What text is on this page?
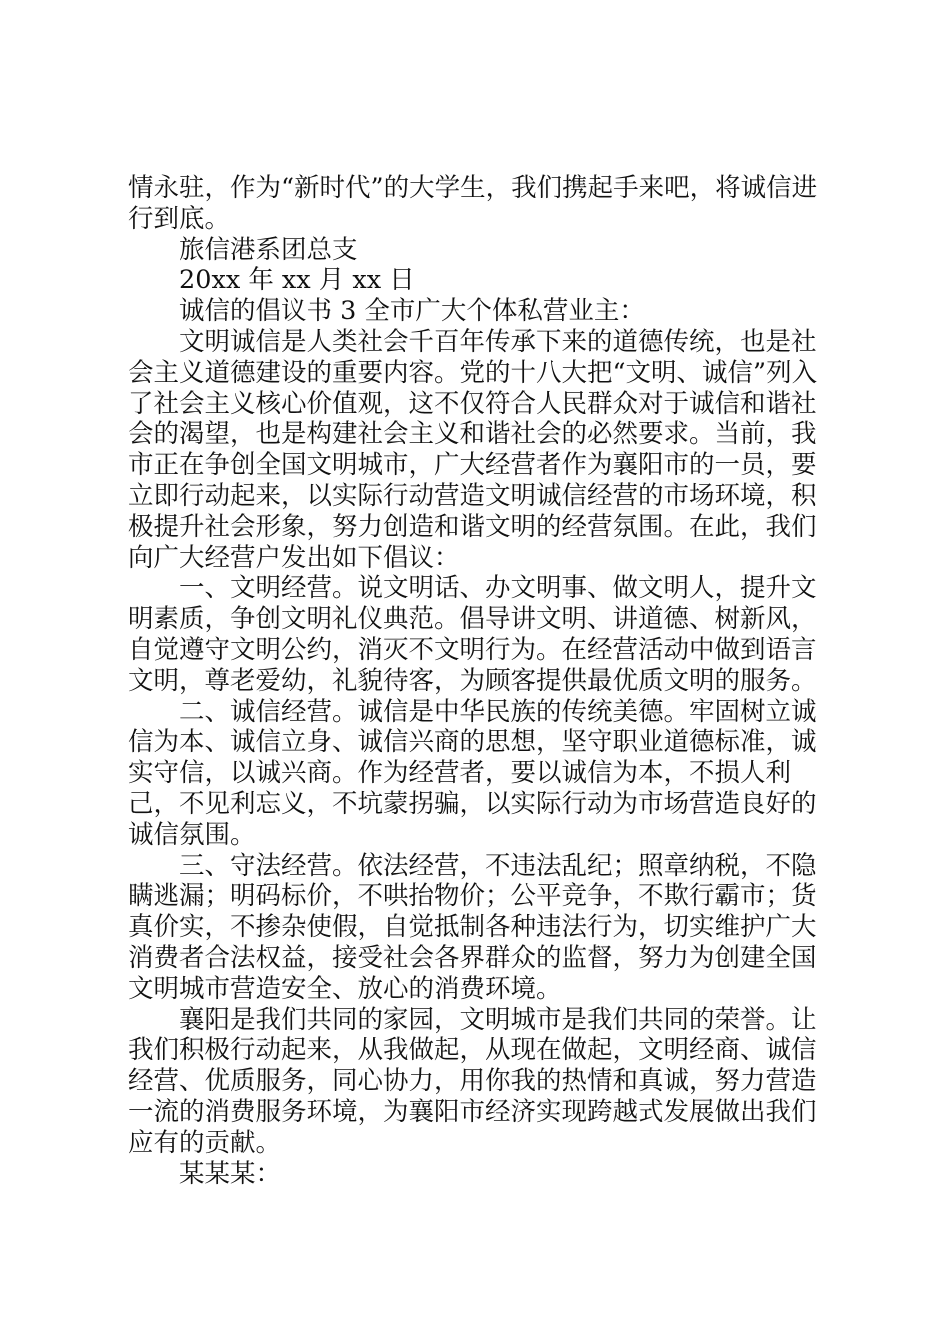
情永驻，作为“新时代”的大学生，我们携起手来吧，将诚信进行到底。

旅信港系团总支

20xx 年 xx 月 xx 日

诚信的倡议书 3 全市广大个体私营业主：

文明诚信是人类社会千百年传承下来的道德传统，也是社会主义道德建设的重要内容。党的十八大把“文明、诚信”列入了社会主义核心价值观，这不仅符合人民群众对于诚信和谐社会的渴望，也是构建社会主义和谐社会的必然要求。当前，我市正在争创全国文明城市，广大经营者作为襄阳市的一员，要立即行动起来，以实际行动营造文明诚信经营的市场环境，积极提升社会形象，努力创造和谐文明的经营氛围。在此，我们向广大经营户发出如下倡议：

一、文明经营。说文明话、办文明事、做文明人，提升文明素质，争创文明礼仪典范。倡导讲文明、讲道德、树新风，自觉遵守文明公约，消灭不文明行为。在经营活动中做到语言文明，尊老爱幼，礼貌待客，为顾客提供最优质文明的服务。

二、诚信经营。诚信是中华民族的传统美德。牢固树立诚信为本、诚信立身、诚信兴商的思想，坚守职业道德标准，诚实守信，以诚兴商。作为经营者，要以诚信为本，不损人利己，不见利忘义，不坑蒙拐骗，以实际行动为市场营造良好的诚信氛围。

三、守法经营。依法经营，不违法乱纪；照章纳税，不隐瞒逃漏；明码标价，不哄抬物价；公平竞争，不欺行霸市；货真价实，不掺杂使假，自觉抵制各种违法行为，切实维护广大消费者合法权益，接受社会各界群众的监督，努力为创建全国文明城市营造安全、放心的消费环境。

襄阳是我们共同的家园，文明城市是我们共同的荣誉。让我们积极行动起来，从我做起，从现在做起，文明经商、诚信经营、优质服务，同心协力，用你我的热情和真诚，努力营造一流的消费服务环境，为襄阳市经济实现跨越式发展做出我们应有的贡献。

某某某：
